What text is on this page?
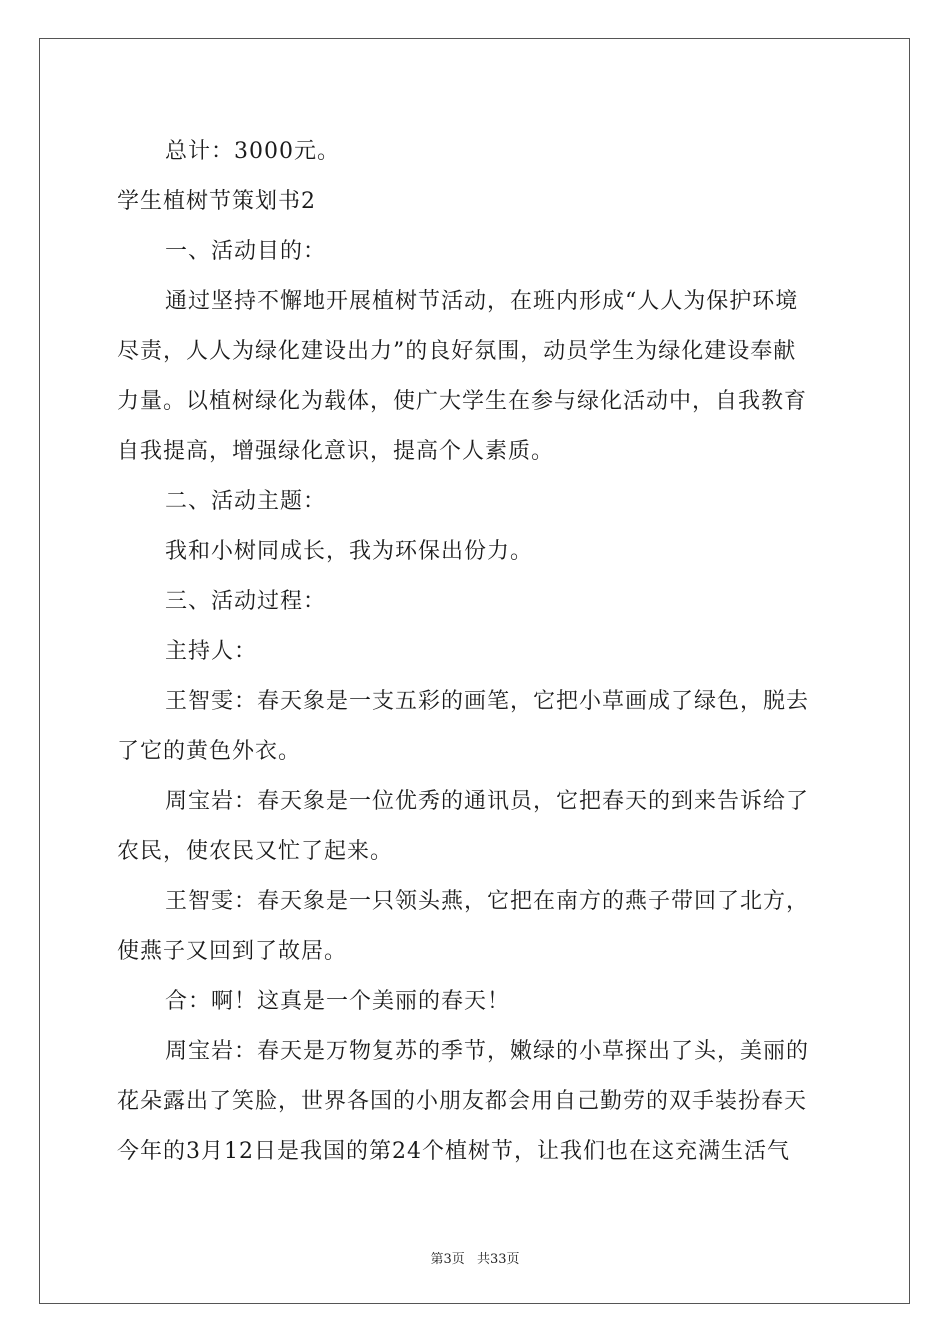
总计：3000元。
学生植树节策划书2
一、活动目的：
通过坚持不懈地开展植树节活动，在班内形成“人人为保护环境
尽责，人人为绿化建设出力”的良好氛围，动员学生为绿化建设奉献
力量。以植树绿化为载体，使广大学生在参与绿化活动中，自我教育
自我提高，增强绿化意识，提高个人素质。
二、活动主题：
我和小树同成长，我为环保出份力。
三、活动过程：
主持人：
王智雯：春天象是一支五彩的画笔，它把小草画成了绿色，脱去
了它的黄色外衣。
周宝岩：春天象是一位优秀的通讯员，它把春天的到来告诉给了
农民，使农民又忙了起来。
王智雯：春天象是一只领头燕，它把在南方的燕子带回了北方，
使燕子又回到了故居。
合：啊！这真是一个美丽的春天！
周宝岩：春天是万物复苏的季节，嫩绿的小草探出了头，美丽的
花朵露出了笑脸，世界各国的小朋友都会用自己勤劳的双手装扮春天
今年的3月12日是我国的第24个植树节，让我们也在这充满生活气
第3页 共33页
